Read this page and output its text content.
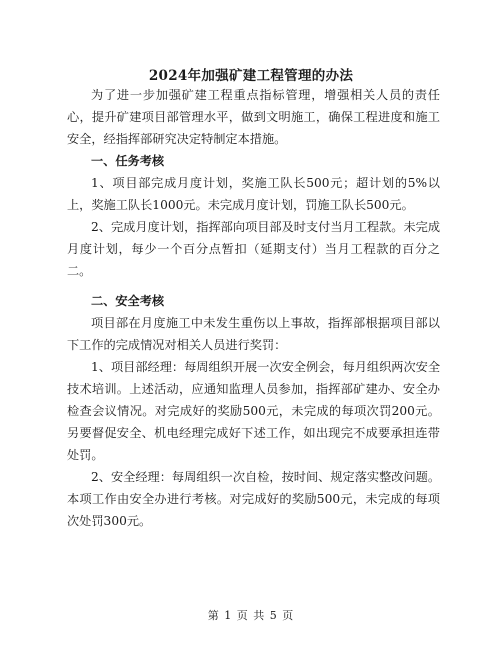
2024年加强矿建工程管理的办法

为了进一步加强矿建工程重点指标管理，增强相关人员的责任心，提升矿建项目部管理水平，做到文明施工，确保工程进度和施工安全，经指挥部研究决定特制定本措施。

一、任务考核

1、项目部完成月度计划，奖施工队长500元；超计划的5%以上，奖施工队长1000元。未完成月度计划，罚施工队长500元。

2、完成月度计划，指挥部向项目部及时支付当月工程款。未完成月度计划，每少一个百分点暂扣（延期支付）当月工程款的百分之二。

二、安全考核

项目部在月度施工中未发生重伤以上事故，指挥部根据项目部以下工作的完成情况对相关人员进行奖罚：

1、项目部经理：每周组织开展一次安全例会，每月组织两次安全技术培训。上述活动，应通知监理人员参加，指挥部矿建办、安全办检查会议情况。对完成好的奖励500元，未完成的每项次罚200元。另要督促安全、机电经理完成好下述工作，如出现完不成要承担连带处罚。

2、安全经理：每周组织一次自检，按时间、规定落实整改问题。本项工作由安全办进行考核。对完成好的奖励500元，未完成的每项次处罚300元。

第 1 页 共 5 页
